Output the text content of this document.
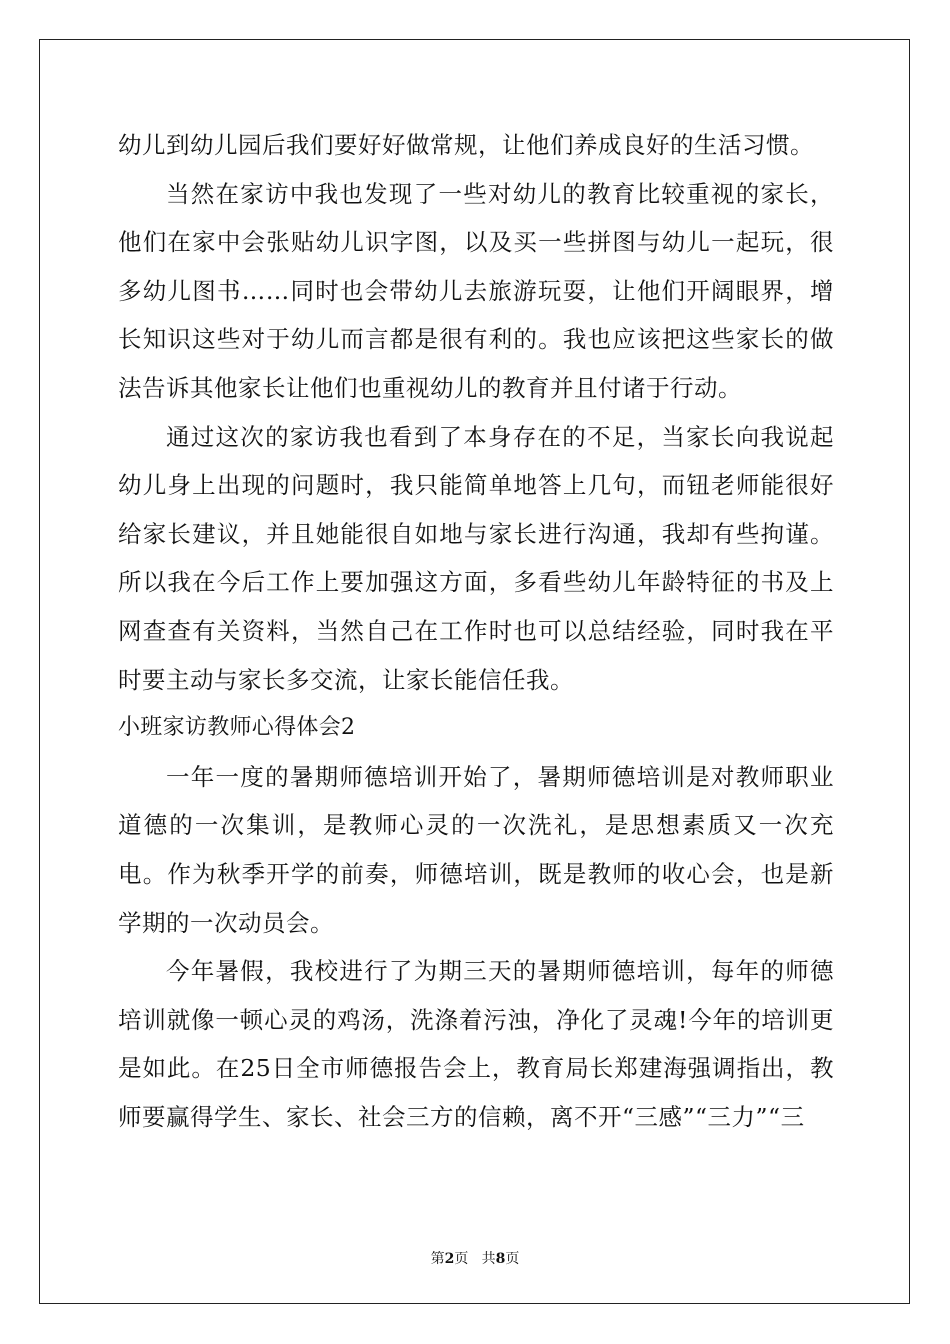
幼儿到幼儿园后我们要好好做常规，让他们养成良好的生活习惯。

当然在家访中我也发现了一些对幼儿的教育比较重视的家长，他们在家中会张贴幼儿识字图，以及买一些拼图与幼儿一起玩，很多幼儿图书……同时也会带幼儿去旅游玩耍，让他们开阔眼界，增长知识这些对于幼儿而言都是很有利的。我也应该把这些家长的做法告诉其他家长让他们也重视幼儿的教育并且付诸于行动。

通过这次的家访我也看到了本身存在的不足，当家长向我说起幼儿身上出现的问题时，我只能简单地答上几句，而钮老师能很好给家长建议，并且她能很自如地与家长进行沟通，我却有些拘谨。所以我在今后工作上要加强这方面，多看些幼儿年龄特征的书及上网查查有关资料，当然自己在工作时也可以总结经验，同时我在平时要主动与家长多交流，让家长能信任我。

小班家访教师心得体会2

一年一度的暑期师德培训开始了，暑期师德培训是对教师职业道德的一次集训，是教师心灵的一次洗礼，是思想素质又一次充电。作为秋季开学的前奏，师德培训，既是教师的收心会，也是新学期的一次动员会。

今年暑假，我校进行了为期三天的暑期师德培训，每年的师德培训就像一顿心灵的鸡汤，洗涤着污浊，净化了灵魂!今年的培训更是如此。在25日全市师德报告会上，教育局长郑建海强调指出，教师要赢得学生、家长、社会三方的信赖，离不开“三感”“三力”“三

第2页   共8页
